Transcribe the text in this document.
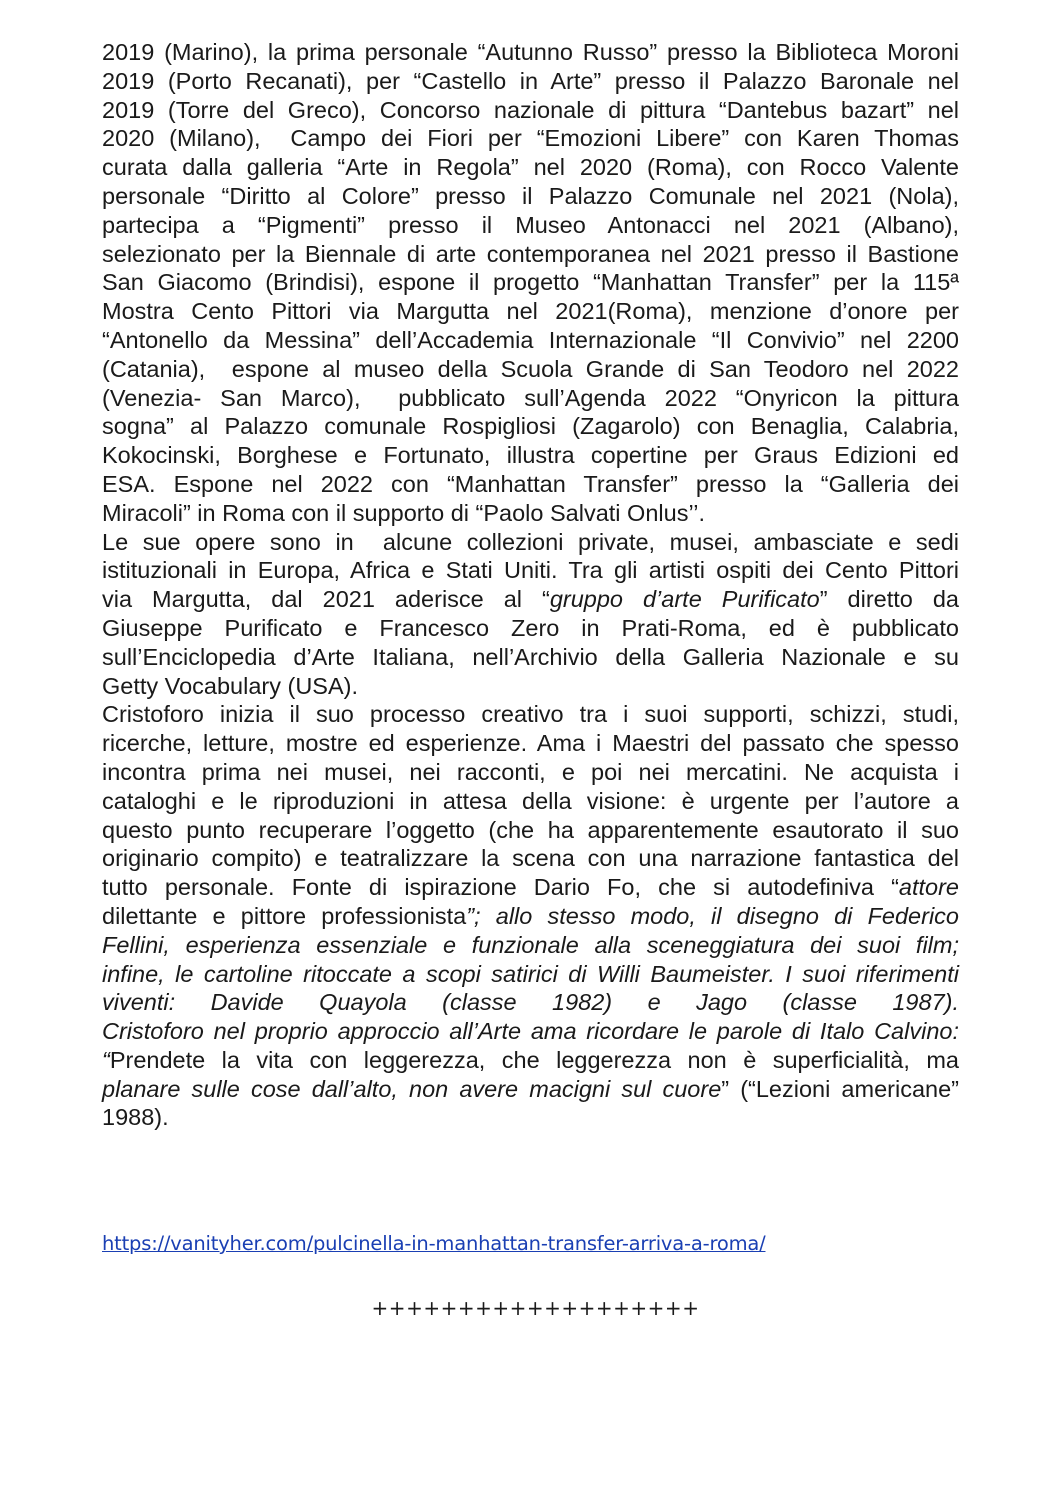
2019 (Marino), la prima personale “Autunno Russo” presso la Biblioteca Moroni
2019 (Porto Recanati), per “Castello in Arte” presso il Palazzo Baronale nel
2019 (Torre del Greco), Concorso nazionale di pittura “Dantebus bazart” nel
2020 (Milano),  Campo dei Fiori per “Emozioni Libere” con Karen Thomas
curata dalla galleria “Arte in Regola” nel 2020 (Roma), con Rocco Valente
personale “Diritto al Colore” presso il Palazzo Comunale nel 2021 (Nola),
partecipa a “Pigmenti” presso il Museo Antonacci nel 2021 (Albano),
selezionato per la Biennale di arte contemporanea nel 2021 presso il Bastione
San Giacomo (Brindisi), espone il progetto “Manhattan Transfer” per la 115ª
Mostra Cento Pittori via Margutta nel 2021(Roma), menzione d’onore per
“Antonello da Messina” dell’Accademia Internazionale “Il Convivio” nel 2200
(Catania),  espone al museo della Scuola Grande di San Teodoro nel 2022
(Venezia- San Marco),  pubblicato sull’Agenda 2022 “Onyricon la pittura
sogna” al Palazzo comunale Rospigliosi (Zagarolo) con Benaglia, Calabria,
Kokocinski, Borghese e Fortunato, illustra copertine per Graus Edizioni ed
ESA. Espone nel 2022 con “Manhattan Transfer” presso la “Galleria dei
Miracoli” in Roma con il supporto di “Paolo Salvati Onlus’’.
Le sue opere sono in  alcune collezioni private, musei, ambasciate e sedi
istituzionali in Europa, Africa e Stati Uniti. Tra gli artisti ospiti dei Cento Pittori
via Margutta, dal 2021 aderisce al “gruppo d’arte Purificato” diretto da
Giuseppe Purificato e Francesco Zero in Prati-Roma, ed è pubblicato
sull’Enciclopedia d’Arte Italiana, nell’Archivio della Galleria Nazionale e su
Getty Vocabulary (USA).
Cristoforo inizia il suo processo creativo tra i suoi supporti, schizzi, studi,
ricerche, letture, mostre ed esperienze. Ama i Maestri del passato che spesso
incontra prima nei musei, nei racconti, e poi nei mercatini. Ne acquista i
cataloghi e le riproduzioni in attesa della visione: è urgente per l’autore a
questo punto recuperare l’oggetto (che ha apparentemente esautorato il suo
originario compito) e teatralizzare la scena con una narrazione fantastica del
tutto personale. Fonte di ispirazione Dario Fo, che si autodefiniva “attore
dilettante e pittore professionista”; allo stesso modo, il disegno di Federico
Fellini, esperienza essenziale e funzionale alla sceneggiatura dei suoi film;
infine, le cartoline ritoccate a scopi satirici di Willi Baumeister. I suoi riferimenti
viventi: Davide Quayola (classe 1982) e Jago (classe 1987).
Cristoforo nel proprio approccio all’Arte ama ricordare le parole di Italo Calvino:
“Prendete la vita con leggerezza, che leggerezza non è superficialità, ma
planare sulle cose dall’alto, non avere macigni sul cuore” (“Lezioni americane”
1988).
https://vanityher.com/pulcinella-in-manhattan-transfer-arriva-a-roma/
+++++++++++++++++++
